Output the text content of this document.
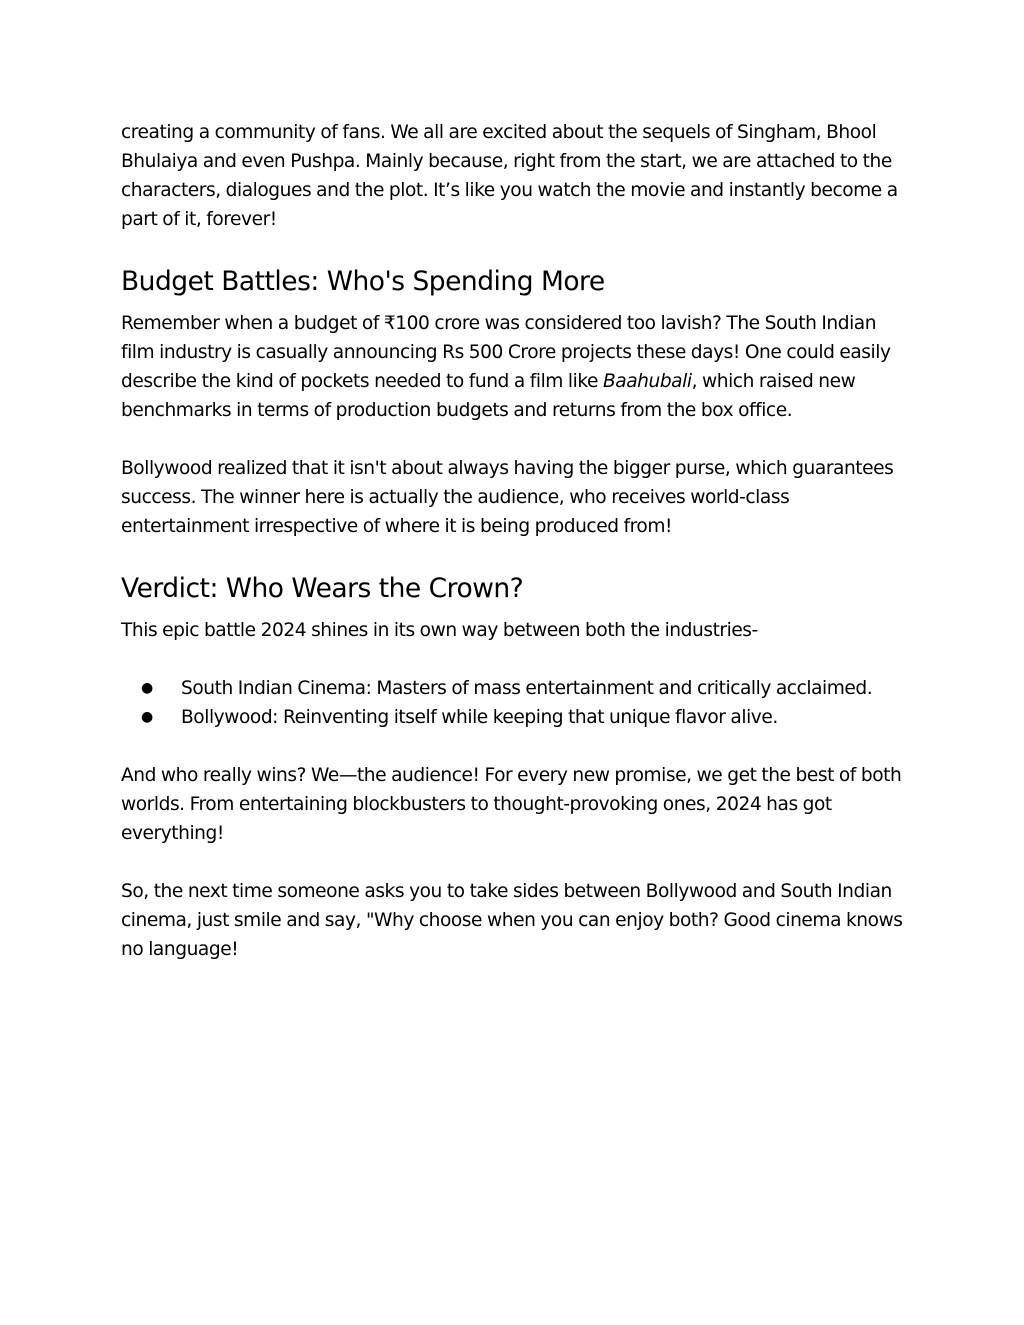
creating a community of fans. We all are excited about the sequels of Singham, Bhool Bhulaiya and even Pushpa. Mainly because, right from the start, we are attached to the characters, dialogues and the plot. It’s like you watch the movie and instantly become a part of it, forever!

Budget Battles: Who's Spending More

Remember when a budget of ₹100 crore was considered too lavish? The South Indian film industry is casually announcing Rs 500 Crore projects these days! One could easily describe the kind of pockets needed to fund a film like Baahubali, which raised new benchmarks in terms of production budgets and returns from the box office.

Bollywood realized that it isn't about always having the bigger purse, which guarantees success. The winner here is actually the audience, who receives world-class entertainment irrespective of where it is being produced from!

Verdict: Who Wears the Crown?

This epic battle 2024 shines in its own way between both the industries-

● South Indian Cinema: Masters of mass entertainment and critically acclaimed.
● Bollywood: Reinventing itself while keeping that unique flavor alive.

And who really wins? We—the audience! For every new promise, we get the best of both worlds. From entertaining blockbusters to thought-provoking ones, 2024 has got everything!

So, the next time someone asks you to take sides between Bollywood and South Indian cinema, just smile and say, "Why choose when you can enjoy both? Good cinema knows no language!
